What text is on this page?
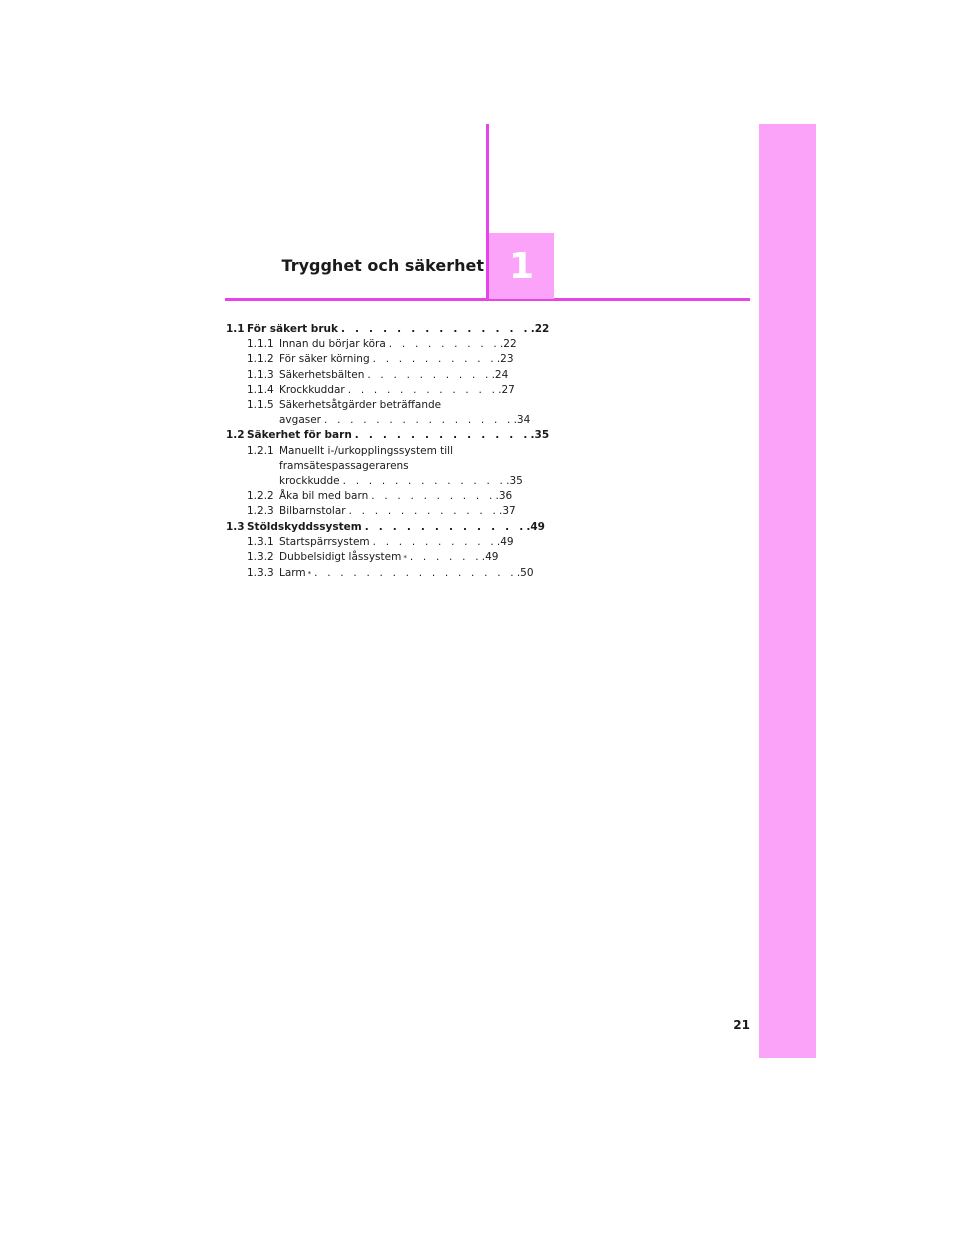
Trygghet och säkerhet 1
1.1 För säkert bruk . . . . . . . . . . . . . . .22
1.1.1 Innan du börjar köra . . . . . . . . . .22
1.1.2 För säker körning . . . . . . . . . . .23
1.1.3 Säkerhetsbälten . . . . . . . . . . .24
1.1.4 Krockkuddar . . . . . . . . . . . . .27
1.1.5 Säkerhetsåtgärder beträffande
avgaser . . . . . . . . . . . . . . . .34
1.2 Säkerhet för barn . . . . . . . . . . . . . .35
1.2.1 Manuellt i-/urkopplingssystem till
framsätespassagerarens
krockkudde . . . . . . . . . . . . . .35
1.2.2 Åka bil med barn . . . . . . . . . . .36
1.2.3 Bilbarnstolar . . . . . . . . . . . . .37
1.3 Stöldskyddssystem . . . . . . . . . . . . .49
1.3.1 Startspärrsystem . . . . . . . . . . .49
1.3.2 Dubbelsidigt låssystem * . . . . . . .49
1.3.3 Larm * . . . . . . . . . . . . . . . . .50
21
